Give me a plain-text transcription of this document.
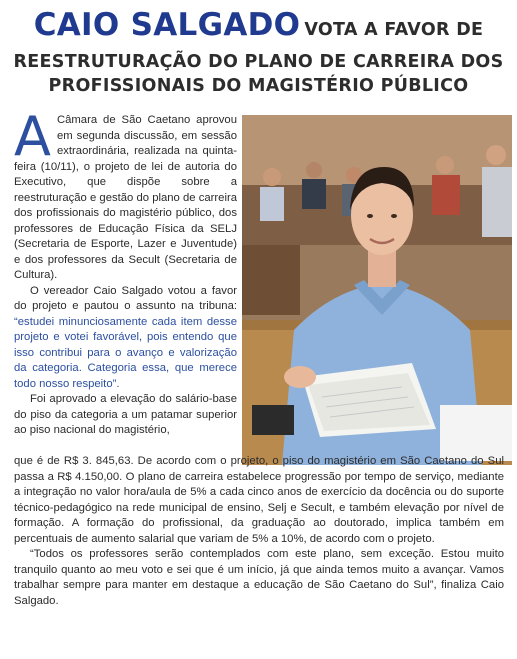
CAIO SALGADO VOTA A FAVOR DE
REESTRUTURAÇÃO DO PLANO DE CARREIRA DOS
PROFISSIONAIS DO MAGISTÉRIO PÚBLICO

ACâmara de São Caetano aprovou em segunda discussão, em sessão extraordinária, realizada na quinta-feira (10/11), o projeto de lei de autoria do Executivo, que dispõe sobre a reestruturação e gestão do plano de carreira dos profissionais do magistério público, dos professores de Educação Física da SELJ (Secretaria de Esporte, Lazer e Juventude) e dos professores da Secult (Secretaria de Cultura).

O vereador Caio Salgado votou a favor do projeto e pautou o assunto na tribuna: “estudei minunciosamente cada item desse projeto e votei favorável, pois entendo que isso contribui para o avanço e valorização da categoria. Categoria essa, que merece todo nosso respeito”.

Foi aprovado a elevação do salário-base do piso da categoria a um patamar superior ao piso nacional do magistério,

que é de R$ 3. 845,63. De acordo com o projeto, o piso do magistério em São Caetano do Sul passa a R$ 4.150,00. O plano de carreira estabelece progressão por tempo de serviço, mediante a integração no valor hora/aula de 5% a cada cinco anos de exercício da docência ou do suporte técnico-pedagógico na rede municipal de ensino, Selj e Secult, e também elevação por nível de formação. A formação do profissional, da graduação ao doutorado, implica também em percentuais de aumento salarial que variam de 5% a 10%, de acordo com o projeto.

“Todos os professores serão contemplados com este plano, sem exceção. Estou muito tranquilo quanto ao meu voto e sei que é um início, já que ainda temos muito a avançar. Vamos trabalhar sempre para manter em destaque a educação de São Caetano do Sul”, finaliza Caio Salgado.
